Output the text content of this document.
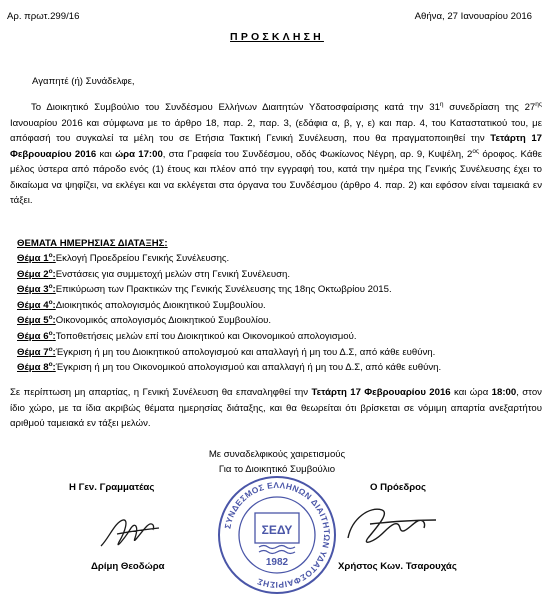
Αρ. πρωτ.299/16	Αθήνα, 27 Ιανουαρίου 2016
ΠΡΟΣΚΛΗΣΗ
Αγαπητέ (ή) Συνάδελφε,
Το Διοικητικό Συμβούλιο του Συνδέσμου Ελλήνων Διαιτητών Υδατοσφαίρισης κατά την $31^\eta$ συνεδρίαση της $27^{\eta\varsigma}$ Ιανουαρίου 2016 και σύμφωνα με το άρθρο 18, παρ. 2, παρ. 3, (εδάφια α, β, γ, ε) και παρ. 4, του Καταστατικού του, με απόφασή του συγκαλεί τα μέλη του σε Ετήσια Τακτική Γενική Συνέλευση, που θα πραγματοποιηθεί την Τετάρτη 17 Φεβρουαρίου 2016 και ώρα 17:00, στα Γραφεία του Συνδέσμου, οδός Φωκίωνος Νέγρη, αρ. 9, Κυψέλη, $2^{o\varsigma}$ όροφος. Κάθε μέλος ύστερα από πάροδο ενός (1) έτους και πλέον από την εγγραφή του, κατά την ημέρα της Γενικής Συνέλευσης έχει το δικαίωμα να ψηφίζει, να εκλέγει και να εκλέγεται στα όργανα του Συνδέσμου (άρθρο 4. παρ. 2) και εφόσον είναι ταμειακά εν τάξει.
ΘΕΜΑΤΑ ΗΜΕΡΗΣΙΑΣ ΔΙΑΤΑΞΗΣ:
Θέμα $1^o:E\kappa\lambda o\gamma ή$ Προεδρείου Γενικής Συνέλευσης.
Θέμα $2^o:E\nu\sigma\tau ά\sigma\varepsilon\iota\varsigma$ για συμμετοχή μελών στη Γενική Συνέλευση.
Θέμα $3^o:E\pi\iota\kappa ύ\rho\omega\sigma\eta$ των Πρακτικών της Γενικής Συνέλευσης της 18ης Οκτωβρίου 2015.
Θέμα $4^o:\Delta\iota o\iota\kappa\eta\tau\iota\kappa ό\varsigma$ απολογισμός Διοικητικού Συμβουλίου.
Θέμα $5^o:O\iota\kappa o\nu o\mu\iota\kappa ό\varsigma$ απολογισμός Διοικητικού Συμβουλίου.
Θέμα $6^o:To\pi o\theta\varepsilon\tau ή\sigma\varepsilon\iota\varsigma$ μελών επί του Διοικητικού και Οικονομικού απολογισμού.
Θέμα $7^o:Έ\gamma\kappa\rho\iota\sigma\eta$ ή μη του Διοικητικού απολογισμού και απαλλαγή ή μη του Δ.Σ, από κάθε ευθύνη.
Θέμα $8^o:Έ\gamma\kappa\rho\iota\sigma\eta$ ή μη του Οικονομικού απολογισμού και απαλλαγή ή μη του Δ.Σ, από κάθε ευθύνη.
Σε περίπτωση μη απαρτίας, η Γενική Συνέλευση θα επαναληφθεί την Τετάρτη 17 Φεβρουαρίου 2016 και ώρα 18:00, στον ίδιο χώρο, με τα ίδια ακριβώς θέματα ημερησίας διάταξης, και θα θεωρείται ότι βρίσκεται σε νόμιμη απαρτία ανεξαρτήτου αριθμού ταμειακά εν τάξει μελών.
Με συναδελφικούς χαιρετισμούς
Για το Διοικητικό Συμβούλιο
Η Γεν. Γραμματέας	Ο Πρόεδρος
ΣΥΝΔΕΣΜΟΣ ΕΛΛΗΝΩΝ ΔΙΑΙΤΗΤΩΝ ΥΔΑΤΟΣΦΑΙΡΙΣΗΣ
ΣΕΔΥ
1982
Δρίμη Θεοδώρα	Χρήστος Κων. Τσαρουχάς
